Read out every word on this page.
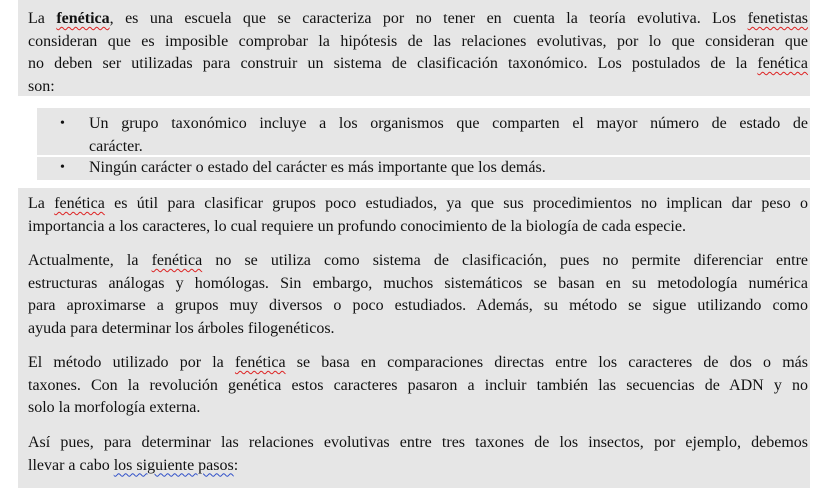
La fenética, es una escuela que se caracteriza por no tener en cuenta la teoría evolutiva. Los fenetistas
consideran que es imposible comprobar la hipótesis de las relaciones evolutivas, por lo que consideran que
no deben ser utilizadas para construir un sistema de clasificación taxonómico. Los postulados de la fenética
son:
• Un grupo taxonómico incluye a los organismos que comparten el mayor número de estado de
carácter.
• Ningún carácter o estado del carácter es más importante que los demás.
La fenética es útil para clasificar grupos poco estudiados, ya que sus procedimientos no implican dar peso o
importancia a los caracteres, lo cual requiere un profundo conocimiento de la biología de cada especie.
Actualmente, la fenética no se utiliza como sistema de clasificación, pues no permite diferenciar entre
estructuras análogas y homólogas. Sin embargo, muchos sistemáticos se basan en su metodología numérica
para aproximarse a grupos muy diversos o poco estudiados. Además, su método se sigue utilizando como
ayuda para determinar los árboles filogenéticos.
El método utilizado por la fenética se basa en comparaciones directas entre los caracteres de dos o más
taxones. Con la revolución genética estos caracteres pasaron a incluir también las secuencias de ADN y no
solo la morfología externa.
Así pues, para determinar las relaciones evolutivas entre tres taxones de los insectos, por ejemplo, debemos
llevar a cabo los siguiente pasos:
